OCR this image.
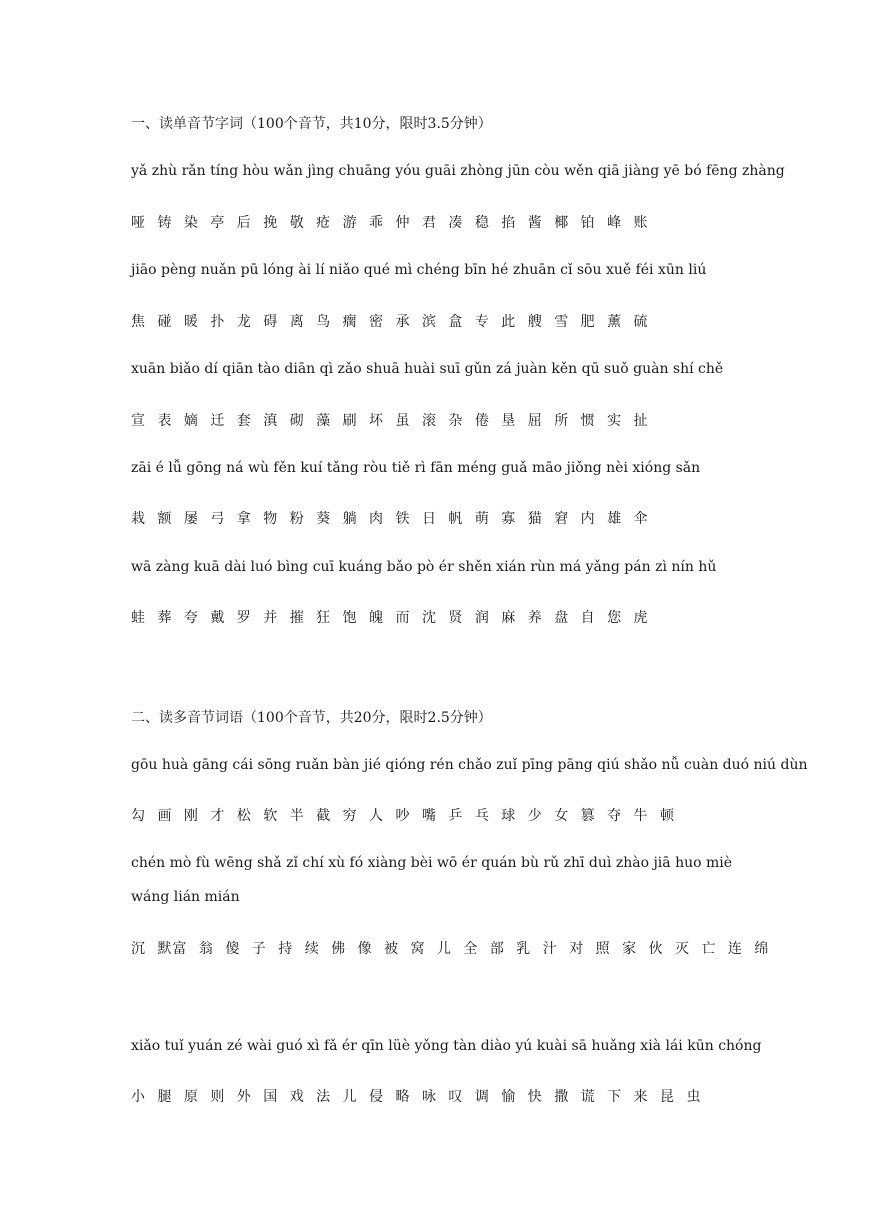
一、读单音节字词（100个音节，共10分，限时3.5分钟）
yǎ zhù rǎn tíng hòu wǎn jìng chuāng yóu guāi zhòng jūn còu wěn qiā jiàng yē bó fēng zhàng
哑 铸 染 亭 后 挽 敬 疮 游 乖 仲 君 凑 稳 掐 酱 椰 铂 峰 账
jiāo pèng nuǎn pū lóng ài lí niǎo qué mì chéng bīn hé zhuān cǐ sōu xuě féi xūn liú
焦 碰 暖 扑 龙 碍 离 鸟 瘸 密 承 滨 盒 专 此 艘 雪 肥 薰 硫
xuān biǎo dí qiān tào diān qì zǎo shuā huài suī gǔn zá juàn kěn qū suǒ guàn shí chě
宣 表 嫡 迁 套 滇 砌 藻 刷 坏 虽 滚 杂 倦 垦 屈 所 惯 实 扯
zāi é lǚ gōng ná wù fěn kuí tǎng ròu tiě rì fān méng guǎ māo jiǒng nèi xióng sǎn
栽 额 屡 弓 拿 物 粉 葵 躺 肉 铁 日 帆 萌 寡 猫 窘 内 雄 伞
wā zàng kuā dài luó bìng cuī kuáng bǎo pò ér shěn xián rùn má yǎng pán zì nín hǔ
蛙 葬 夸 戴 罗 并 摧 狂 饱 魄 而 沈 贤 润 麻 养 盘 自 您 虎
二、读多音节词语（100个音节，共20分，限时2.5分钟）
gōu huà gāng cái sōng ruǎn bàn jié qióng rén chǎo zuǐ pīng pāng qiú shǎo nǚ cuàn duó niú dùn
勾 画 刚 才 松 软 半 截 穷 人 吵 嘴 乒 乓 球 少 女 篡 夺 牛 顿
chén mò fù wēng shǎ zǐ chí xù fó xiàng bèi wō ér quán bù rǔ zhī duì zhào jiā huo miè wáng lián mián
沉 默富 翁 傻 子 持 续 佛 像 被 窝 儿 全 部 乳 汁 对 照 家 伙 灭 亡 连 绵
xiǎo tuǐ yuán zé wài guó xì fǎ ér qīn lüè yǒng tàn diào yú kuài sā huǎng xià lái kūn chóng
小 腿 原 则 外 国 戏 法 儿 侵 略 咏 叹 调 愉 快 撒 谎 下 来 昆 虫
